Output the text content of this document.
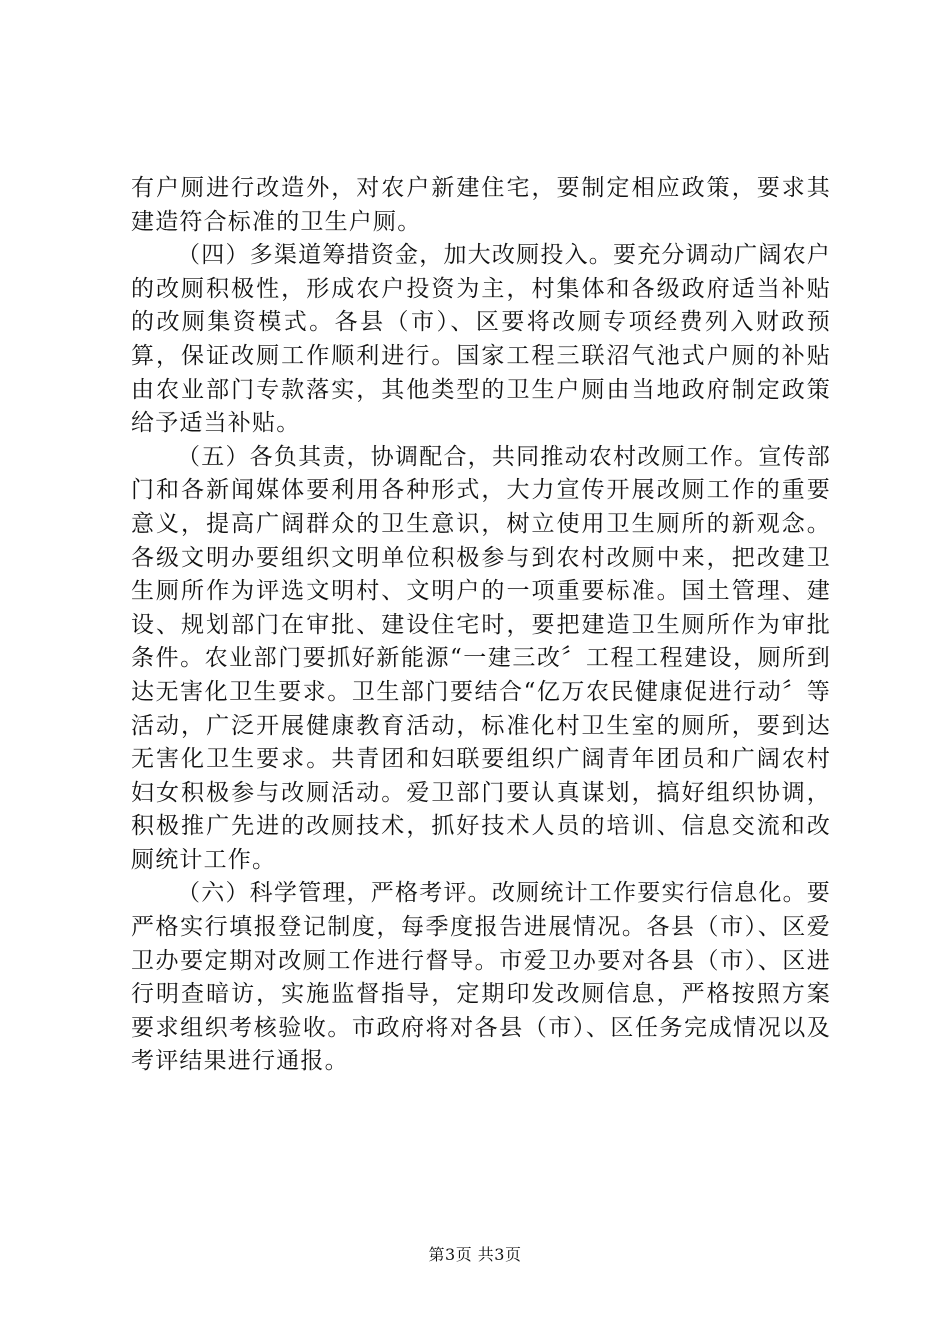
有户厕进行改造外，对农户新建住宅，要制定相应政策，要求其建造符合标准的卫生户厕。

（四）多渠道筹措资金，加大改厕投入。要充分调动广阔农户的改厕积极性，形成农户投资为主，村集体和各级政府适当补贴的改厕集资模式。各县（市）、区要将改厕专项经费列入财政预算，保证改厕工作顺利进行。国家工程三联沼气池式户厕的补贴由农业部门专款落实，其他类型的卫生户厕由当地政府制定政策给予适当补贴。

（五）各负其责，协调配合，共同推动农村改厕工作。宣传部门和各新闻媒体要利用各种形式，大力宣传开展改厕工作的重要意义，提高广阔群众的卫生意识，树立使用卫生厕所的新观念。各级文明办要组织文明单位积极参与到农村改厕中来，把改建卫生厕所作为评选文明村、文明户的一项重要标准。国土管理、建设、规划部门在审批、建设住宅时，要把建造卫生厕所作为审批条件。农业部门要抓好新能源“一建三改〞工程工程建设，厕所到达无害化卫生要求。卫生部门要结合“亿万农民健康促进行动〞等活动，广泛开展健康教育活动，标准化村卫生室的厕所，要到达无害化卫生要求。共青团和妇联要组织广阔青年团员和广阔农村妇女积极参与改厕活动。爱卫部门要认真谋划，搞好组织协调，积极推广先进的改厕技术，抓好技术人员的培训、信息交流和改厕统计工作。

（六）科学管理，严格考评。改厕统计工作要实行信息化。要严格实行填报登记制度，每季度报告进展情况。各县（市）、区爱卫办要定期对改厕工作进行督导。市爱卫办要对各县（市）、区进行明查暗访，实施监督指导，定期印发改厕信息，严格按照方案要求组织考核验收。市政府将对各县（市）、区任务完成情况以及考评结果进行通报。

第3页 共3页
